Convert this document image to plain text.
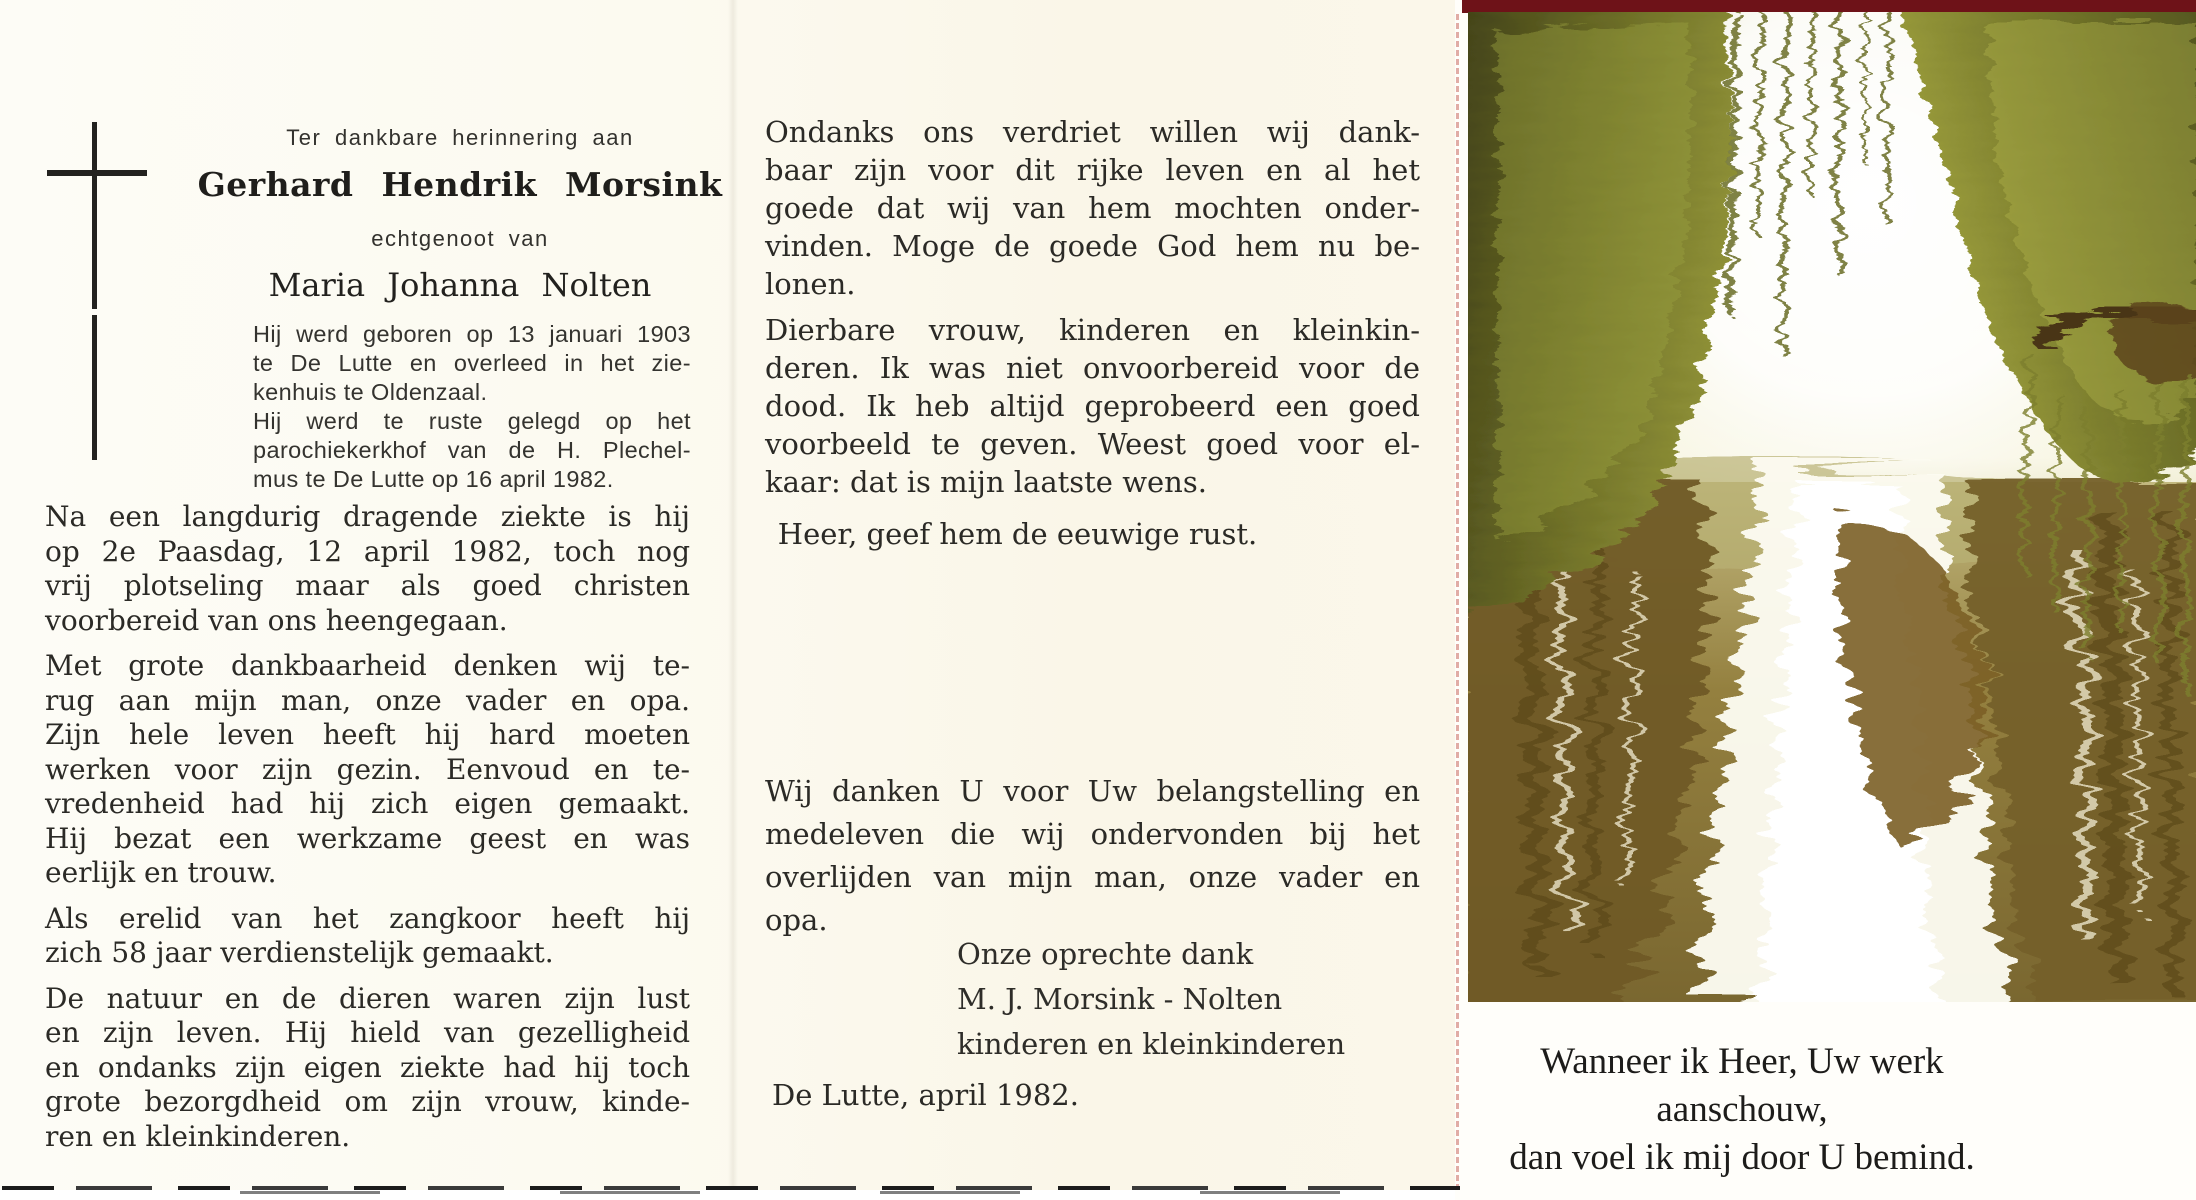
Ter dankbare herinnering aan
Gerhard Hendrik Morsink
echtgenoot van
Maria Johanna Nolten
Hij werd geboren op 13 januari 1903
te De Lutte en overleed in het zie-
kenhuis te Oldenzaal.
Hij werd te ruste gelegd op het
parochiekerkhof van de H. Plechel-
mus te De Lutte op 16 april 1982.
Na een langdurig dragende ziekte is hij
op 2e Paasdag, 12 april 1982, toch nog
vrij plotseling maar als goed christen
voorbereid van ons heengegaan.
Met grote dankbaarheid denken wij te-
rug aan mijn man, onze vader en opa.
Zijn hele leven heeft hij hard moeten
werken voor zijn gezin. Eenvoud en te-
vredenheid had hij zich eigen gemaakt.
Hij bezat een werkzame geest en was
eerlijk en trouw.
Als erelid van het zangkoor heeft hij
zich 58 jaar verdienstelijk gemaakt.
De natuur en de dieren waren zijn lust
en zijn leven. Hij hield van gezelligheid
en ondanks zijn eigen ziekte had hij toch
grote bezorgdheid om zijn vrouw, kinde-
ren en kleinkinderen.
Ondanks ons verdriet willen wij dank-
baar zijn voor dit rijke leven en al het
goede dat wij van hem mochten onder-
vinden. Moge de goede God hem nu be-
lonen.
Dierbare vrouw, kinderen en kleinkin-
deren. Ik was niet onvoorbereid voor de
dood. Ik heb altijd geprobeerd een goed
voorbeeld te geven. Weest goed voor el-
kaar: dat is mijn laatste wens.
Heer, geef hem de eeuwige rust.
Wij danken U voor Uw belangstelling en
medeleven die wij ondervonden bij het
overlijden van mijn man, onze vader en
opa.
Onze oprechte dank
M. J. Morsink - Nolten
kinderen en kleinkinderen
De Lutte, april 1982.
Wanneer ik Heer, Uw werk aanschouw,
dan voel ik mij door U bemind.
